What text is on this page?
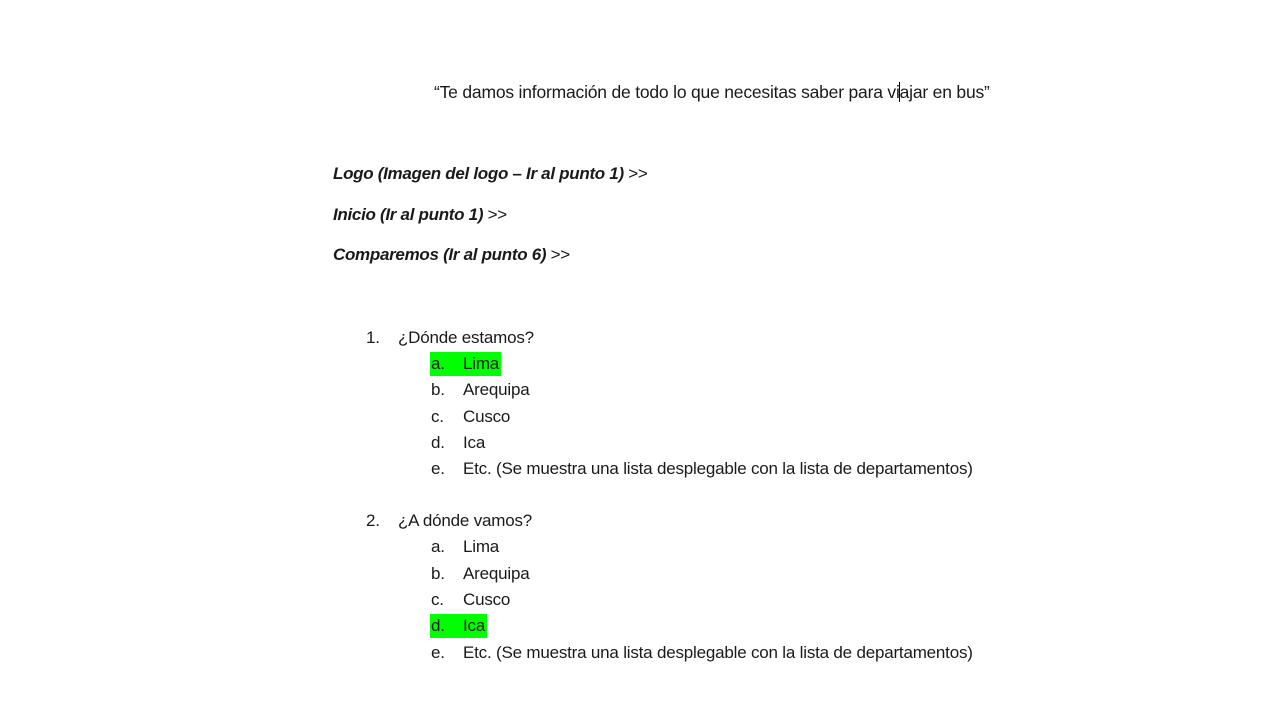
“Te damos información de todo lo que necesitas saber para viajar en bus”
Logo (Imagen del logo – Ir al punto 1) >>
Inicio (Ir al punto 1) >>
Comparemos (Ir al punto 6) >>
1. ¿Dónde estamos?
a. Lima
b. Arequipa
c. Cusco
d. Ica
e. Etc. (Se muestra una lista desplegable con la lista de departamentos)
2. ¿A dónde vamos?
a. Lima
b. Arequipa
c. Cusco
d. Ica
e. Etc. (Se muestra una lista desplegable con la lista de departamentos)
